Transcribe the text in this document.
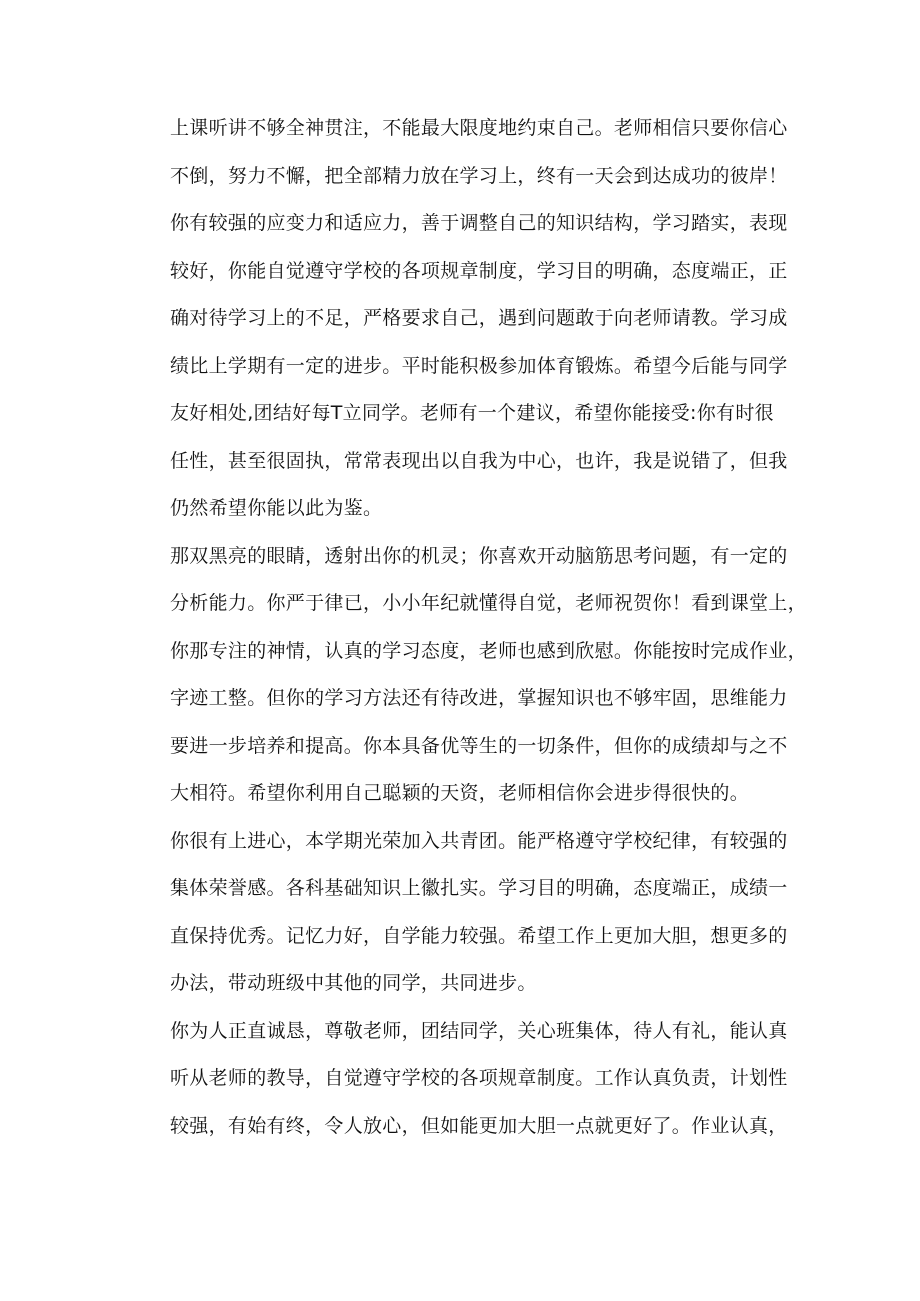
上课听讲不够全神贯注，不能最大限度地约束自己。老师相信只要你信心
不倒，努力不懈，把全部精力放在学习上，终有一天会到达成功的彼岸！
你有较强的应变力和适应力，善于调整自己的知识结构，学习踏实，表现
较好，你能自觉遵守学校的各项规章制度，学习目的明确，态度端正，正
确对待学习上的不足，严格要求自己，遇到问题敢于向老师请教。学习成
绩比上学期有一定的进步。平时能积极参加体育锻炼。希望今后能与同学
友好相处,团结好每T立同学。老师有一个建议，希望你能接受:你有时很
任性，甚至很固执，常常表现出以自我为中心，也许，我是说错了，但我
仍然希望你能以此为鉴。
那双黑亮的眼睛，透射出你的机灵；你喜欢开动脑筋思考问题，有一定的
分析能力。你严于律已，小小年纪就懂得自觉，老师祝贺你！看到课堂上，
你那专注的神情，认真的学习态度，老师也感到欣慰。你能按时完成作业，
字迹工整。但你的学习方法还有待改进，掌握知识也不够牢固，思维能力
要进一步培养和提高。你本具备优等生的一切条件，但你的成绩却与之不
大相符。希望你利用自己聪颖的天资，老师相信你会进步得很快的。
你很有上进心，本学期光荣加入共青团。能严格遵守学校纪律，有较强的
集体荣誉感。各科基础知识上徽扎实。学习目的明确，态度端正，成绩一
直保持优秀。记忆力好，自学能力较强。希望工作上更加大胆，想更多的
办法，带动班级中其他的同学，共同进步。
你为人正直诚恳，尊敬老师，团结同学，关心班集体，待人有礼，能认真
听从老师的教导，自觉遵守学校的各项规章制度。工作认真负责，计划性
较强，有始有终，令人放心，但如能更加大胆一点就更好了。作业认真，
